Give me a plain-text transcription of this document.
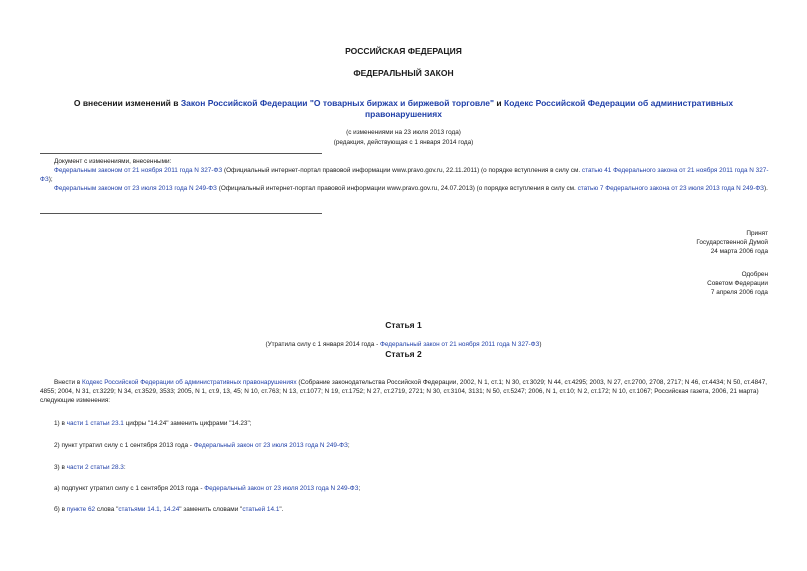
РОССИЙСКАЯ ФЕДЕРАЦИЯ
ФЕДЕРАЛЬНЫЙ ЗАКОН
О внесении изменений в Закон Российской Федерации "О товарных биржах и биржевой торговле" и Кодекс Российской Федерации об административных правонарушениях
(с изменениями на 23 июля 2013 года)
(редакция, действующая с 1 января 2014 года)
Документ с изменениями, внесенными:
Федеральным законом от 21 ноября 2011 года N 327-ФЗ (Официальный интернет-портал правовой информации www.pravo.gov.ru, 22.11.2011) (о порядке вступления в силу см. статью 41 Федерального закона от 21 ноября 2011 года N 327-ФЗ);
Федеральным законом от 23 июля 2013 года N 249-ФЗ (Официальный интернет-портал правовой информации www.pravo.gov.ru, 24.07.2013) (о порядке вступления в силу см. статью 7 Федерального закона от 23 июля 2013 года N 249-ФЗ).
Принят
Государственной Думой
24 марта 2006 года
Одобрен
Советом Федерации
7 апреля 2006 года
Статья 1
(Утратила силу с 1 января 2014 года - Федеральный закон от 21 ноября 2011 года N 327-ФЗ)
Статья 2
Внести в Кодекс Российской Федерации об административных правонарушениях (Собрание законодательства Российской Федерации, 2002, N 1, ст.1; N 30, ст.3029; N 44, ст.4295; 2003, N 27, ст.2700, 2708, 2717; N 46, ст.4434; N 50, ст.4847, 4855; 2004, N 31, ст.3229; N 34, ст.3529, 3533; 2005, N 1, ст.9, 13, 45; N 10, ст.763; N 13, ст.1077; N 19, ст.1752; N 27, ст.2719, 2721; N 30, ст.3104, 3131; N 50, ст.5247; 2006, N 1, ст.10; N 2, ст.172; N 10, ст.1067; Российская газета, 2006, 21 марта) следующие изменения:
1) в части 1 статьи 23.1 цифры "14.24" заменить цифрами "14.23";
2) пункт утратил силу с 1 сентября 2013 года - Федеральный закон от 23 июля 2013 года N 249-ФЗ;
3) в части 2 статьи 28.3:
а) подпункт утратил силу с 1 сентября 2013 года - Федеральный закон от 23 июля 2013 года N 249-ФЗ;
б) в пункте 62 слова "статьями 14.1, 14.24" заменить словами "статьей 14.1".
